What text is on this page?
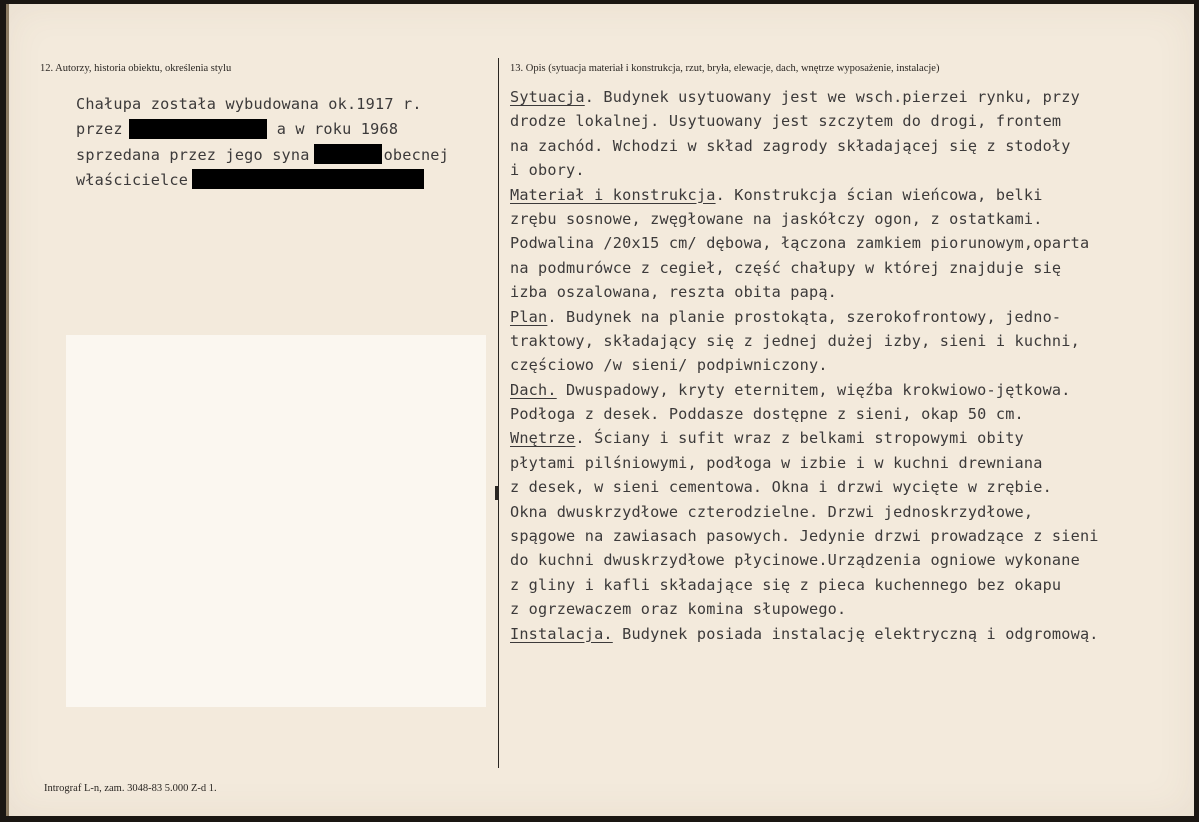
12. Autorzy, historia obiektu, określenia stylu	13. Opis (sytuacja materiał i konstrukcja, rzut, bryła, elewacje, dach, wnętrze wyposażenie, instalacje)
Chałupa została wybudowana ok.1917 r.
przez	a w roku 1968
sprzedana przez jego syna	obecnej
właścicielce
Sytuacja. Budynek usytuowany jest we wsch.pierzei rynku, przy
drodze lokalnej. Usytuowany jest szczytem do drogi, frontem
na zachód. Wchodzi w skład zagrody składającej się z stodoły
i obory.
Materiał i konstrukcja. Konstrukcja ścian wieńcowa, belki
zrębu sosnowe, zwęgłowane na jaskółczy ogon, z ostatkami.
Podwalina /20x15 cm/ dębowa, łączona zamkiem piorunowym,oparta
na podmurówce z cegieł, część chałupy w której znajduje się
izba oszalowana, reszta obita papą.
Plan. Budynek na planie prostokąta, szerokofrontowy, jedno-
traktowy, składający się z jednej dużej izby, sieni i kuchni,
częściowo /w sieni/ podpiwniczony.
Dach. Dwuspadowy, kryty eternitem, więźba krokwiowo-jętkowa.
Podłoga z desek. Poddasze dostępne z sieni, okap 50 cm.
Wnętrze. Ściany i sufit wraz z belkami stropowymi obity
płytami pilśniowymi, podłoga w izbie i w kuchni drewniana
z desek, w sieni cementowa. Okna i drzwi wycięte w zrębie.
Okna dwuskrzydłowe czterodzielne. Drzwi jednoskrzydłowe,
spągowe na zawiasach pasowych. Jedynie drzwi prowadzące z sieni
do kuchni dwuskrzydłowe płycinowe.Urządzenia ogniowe wykonane
z gliny i kafli składające się z pieca kuchennego bez okapu
z ogrzewaczem oraz komina słupowego.
Instalacja. Budynek posiada instalację elektryczną i odgromową.
Intrograf L-n, zam. 3048-83 5.000 Z-d 1.
